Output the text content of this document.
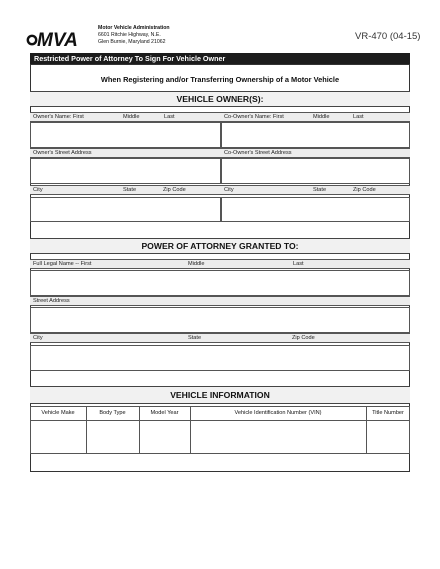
MVA
Motor Vehicle Administration
6601 Ritchie Highway, N.E.
Glen Burnie, Maryland 21062
VR-470 (04-15)
Restricted Power of Attorney To Sign For Vehicle Owner
When Registering and/or Transferring Ownership of a Motor Vehicle
VEHICLE OWNER(S):
Owner's Name: First	Middle	Last	Co-Owner's Name: First	Middle	Last
Owner's Street Address	Co-Owner's Street Address
City	State	Zip Code	City	State	Zip Code
POWER OF ATTORNEY GRANTED TO:
Full Legal Name -- First	Middle	Last
Street Address
City	State	Zip Code
VEHICLE INFORMATION
Vehicle Make	Body Type	Model Year	Vehicle Identification Number (VIN)	Title Number
